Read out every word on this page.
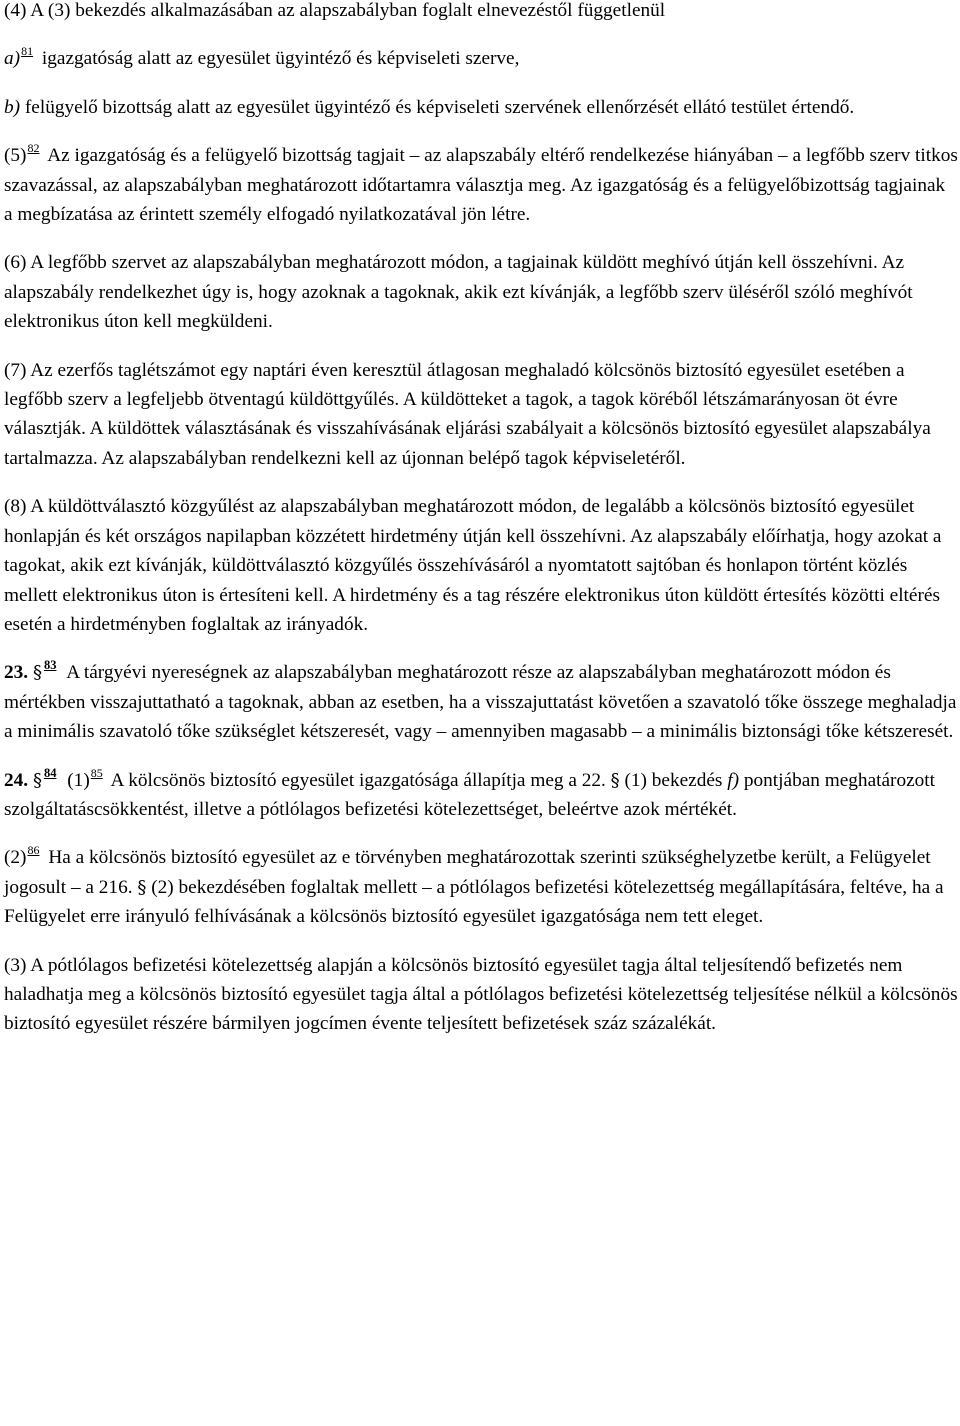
(4) A (3) bekezdés alkalmazásában az alapszabályban foglalt elnevezéstől függetlenül

a)$^{81}$ igazgatóság alatt az egyesület ügyintéző és képviseleti szerve,

b) felügyelő bizottság alatt az egyesület ügyintéző és képviseleti szervének ellenőrzését ellátó testület értendő.

$(5)^{82}$ Az igazgatóság és a felügyelő bizottság tagjait – az alapszabály eltérő rendelkezése hiányában – a legfőbb szerv titkos szavazással, az alapszabályban meghatározott időtartamra választja meg. Az igazgatóság és a felügyelőbizottság tagjainak a megbízatása az érintett személy elfogadó nyilatkozatával jön létre.

(6) A legfőbb szervet az alapszabályban meghatározott módon, a tagjainak küldött meghívó útján kell összehívni. Az alapszabály rendelkezhet úgy is, hogy azoknak a tagoknak, akik ezt kívánják, a legfőbb szerv üléséről szóló meghívót elektronikus úton kell megküldeni.

(7) Az ezerfős taglétszámot egy naptári éven keresztül átlagosan meghaladó kölcsönös biztosító egyesület esetében a legfőbb szerv a legfeljebb ötventagú küldöttgyűlés. A küldötteket a tagok, a tagok köréből létszámarányosan öt évre választják. A küldöttek választásának és visszahívásának eljárási szabályait a kölcsönös biztosító egyesület alapszabálya tartalmazza. Az alapszabályban rendelkezni kell az újonnan belépő tagok képviseletéről.

(8) A küldöttválasztó közgyűlést az alapszabályban meghatározott módon, de legalább a kölcsönös biztosító egyesület honlapján és két országos napilapban közzétett hirdetmény útján kell összehívni. Az alapszabály előírhatja, hogy azokat a tagokat, akik ezt kívánják, küldöttválasztó közgyűlés összehívásáról a nyomtatott sajtóban és honlapon történt közlés mellett elektronikus úton is értesíteni kell. A hirdetmény és a tag részére elektronikus úton küldött értesítés közötti eltérés esetén a hirdetményben foglaltak az irányadók.

23. § $^{83}$ A tárgyévi nyereségnek az alapszabályban meghatározott része az alapszabályban meghatározott módon és mértékben visszajuttatható a tagoknak, abban az esetben, ha a visszajuttatást követően a szavatoló tőke összege meghaladja a minimális szavatoló tőke szükséglet kétszeresét, vagy – amennyiben magasabb – a minimális biztonsági tőke kétszeresét.

24. § $^{84}$ $(1)^{85}$ A kölcsönös biztosító egyesület igazgatósága állapítja meg a 22. § (1) bekezdés f) pontjában meghatározott szolgáltatáscsökkentést, illetve a pótlólagos befizetési kötelezettséget, beleértve azok mértékét.

$(2)^{86}$ Ha a kölcsönös biztosító egyesület az e törvényben meghatározottak szerinti szükséghelyzetbe került, a Felügyelet jogosult – a 216. § (2) bekezdésében foglaltak mellett – a pótlólagos befizetési kötelezettség megállapítására, feltéve, ha a Felügyelet erre irányuló felhívásának a kölcsönös biztosító egyesület igazgatósága nem tett eleget.

(3) A pótlólagos befizetési kötelezettség alapján a kölcsönös biztosító egyesület tagja által teljesítendő befizetés nem haladhatja meg a kölcsönös biztosító egyesület tagja által a pótlólagos befizetési kötelezettség teljesítése nélkül a kölcsönös biztosító egyesület részére bármilyen jogcímen évente teljesített befizetések száz százalékát.
